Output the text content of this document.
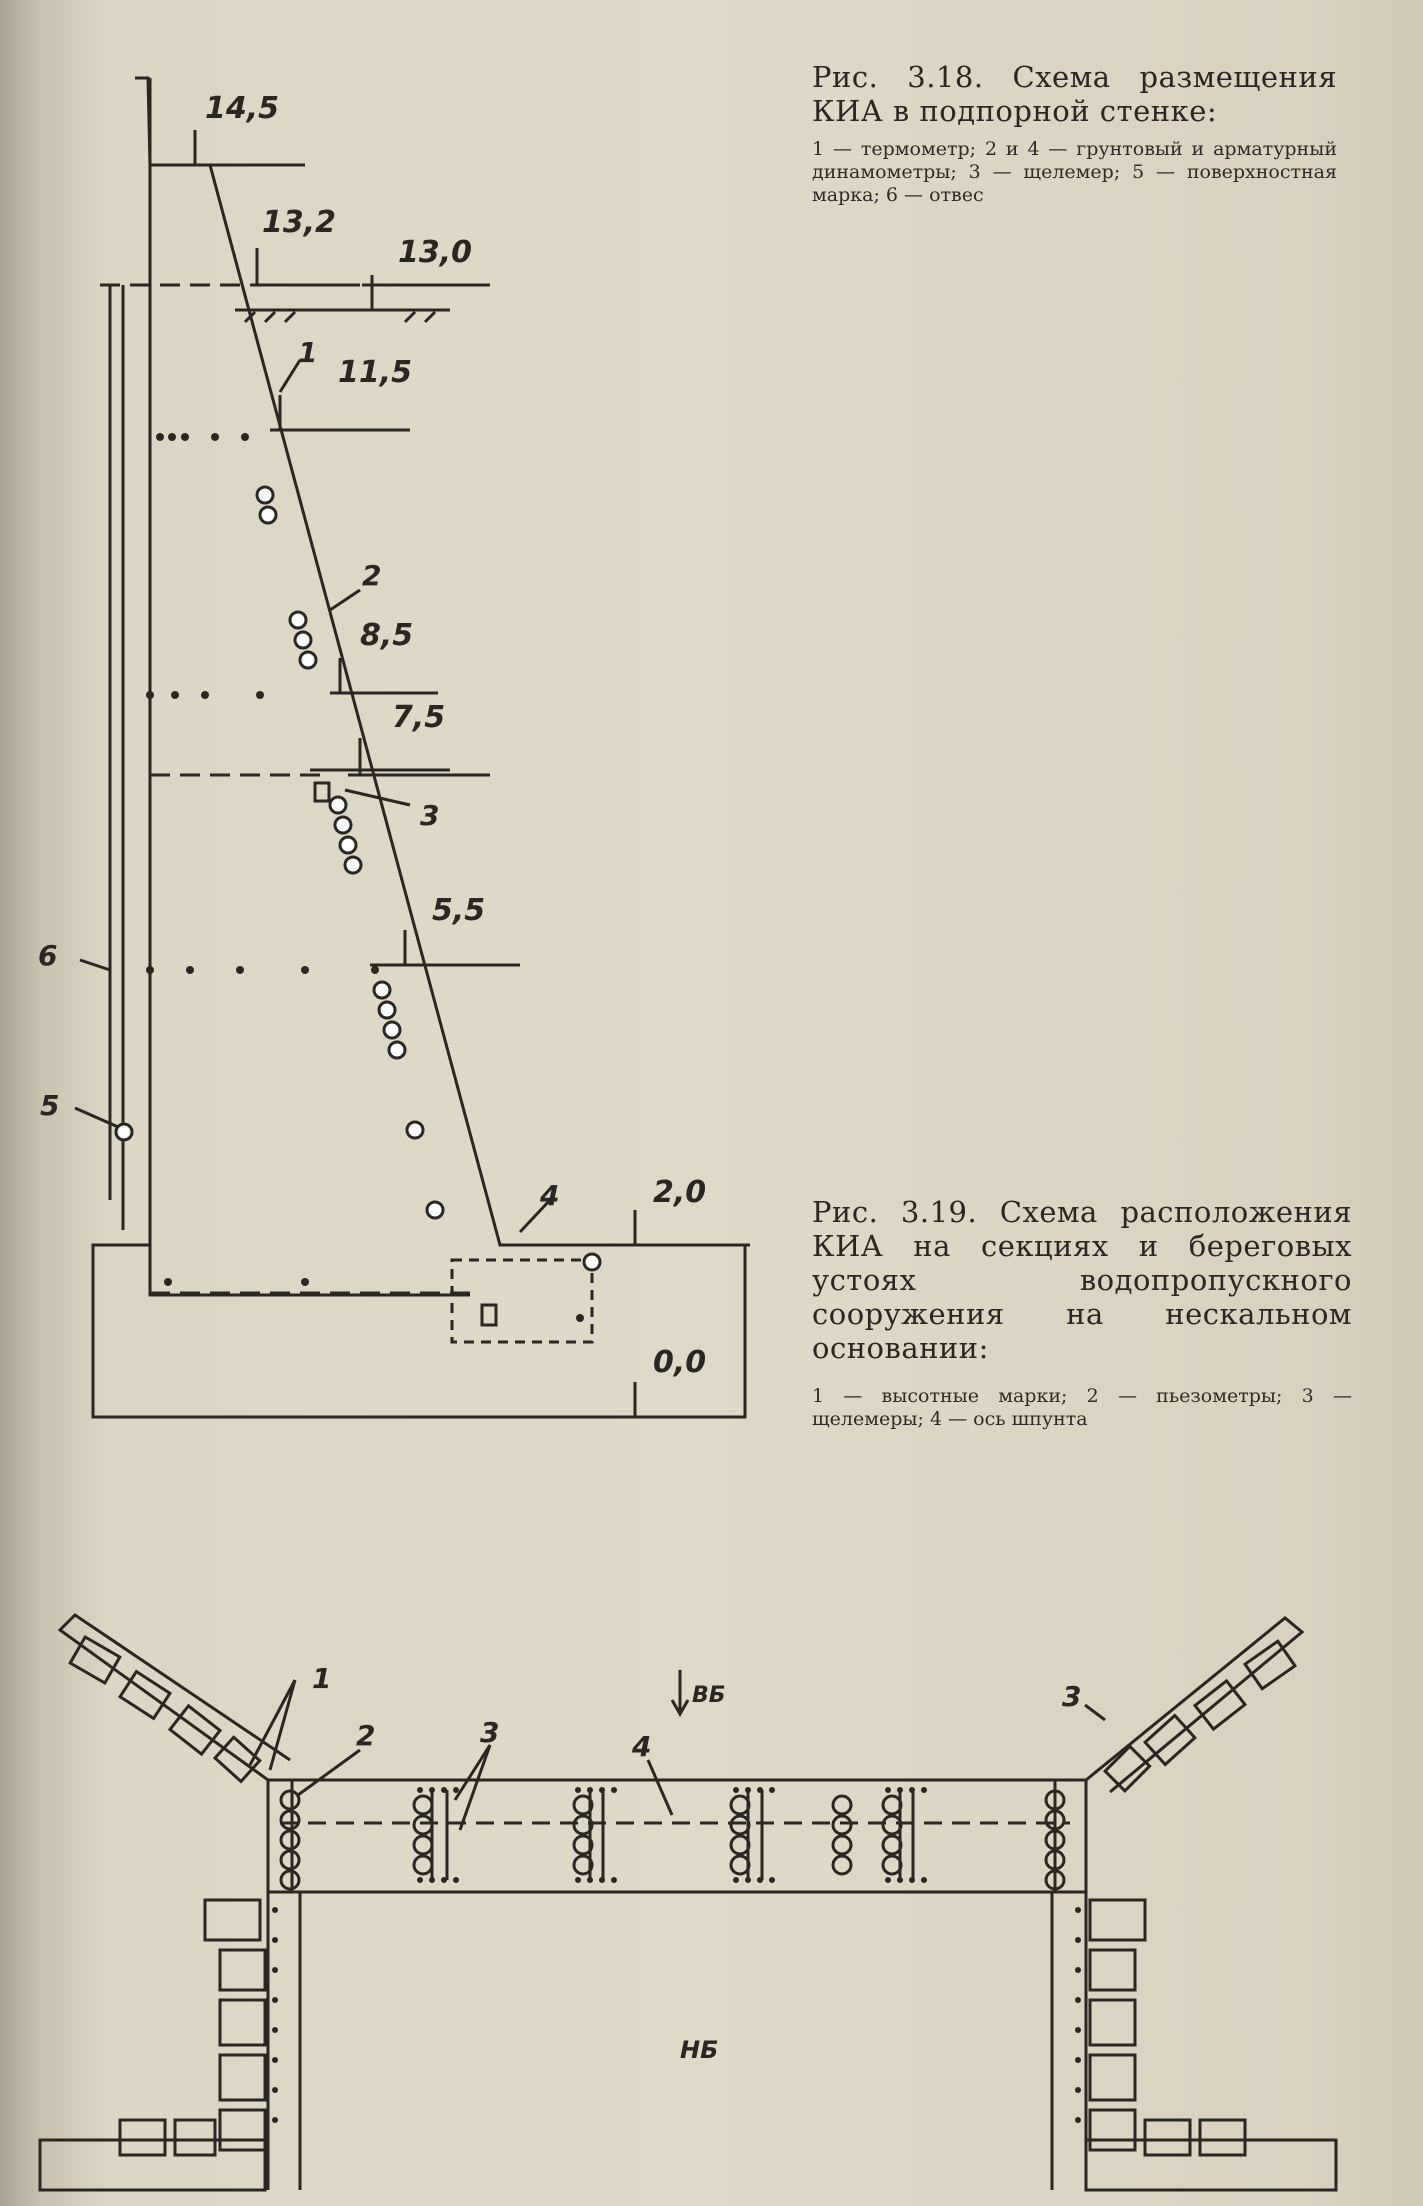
14,5
13,2
13,0
11,5
8,5
7,5
5,5
2,0
0,0
1
2
3
4
5
6
Рис. 3.18. Схема размещения КИА в подпорной стенке:
1 — термометр; 2 и 4 — грунтовый и арматурный динамометры; 3 — щелемер; 5 — поверхностная марка; 6 — отвес
Рис. 3.19. Схема расположения КИА на секциях и береговых устоях водопропускного сооружения на нескальном основании:
1 — высотные марки; 2 — пьезометры; 3 — щелемеры; 4 — ось шпунта
1
2	3	4
3
ВБ
НБ
